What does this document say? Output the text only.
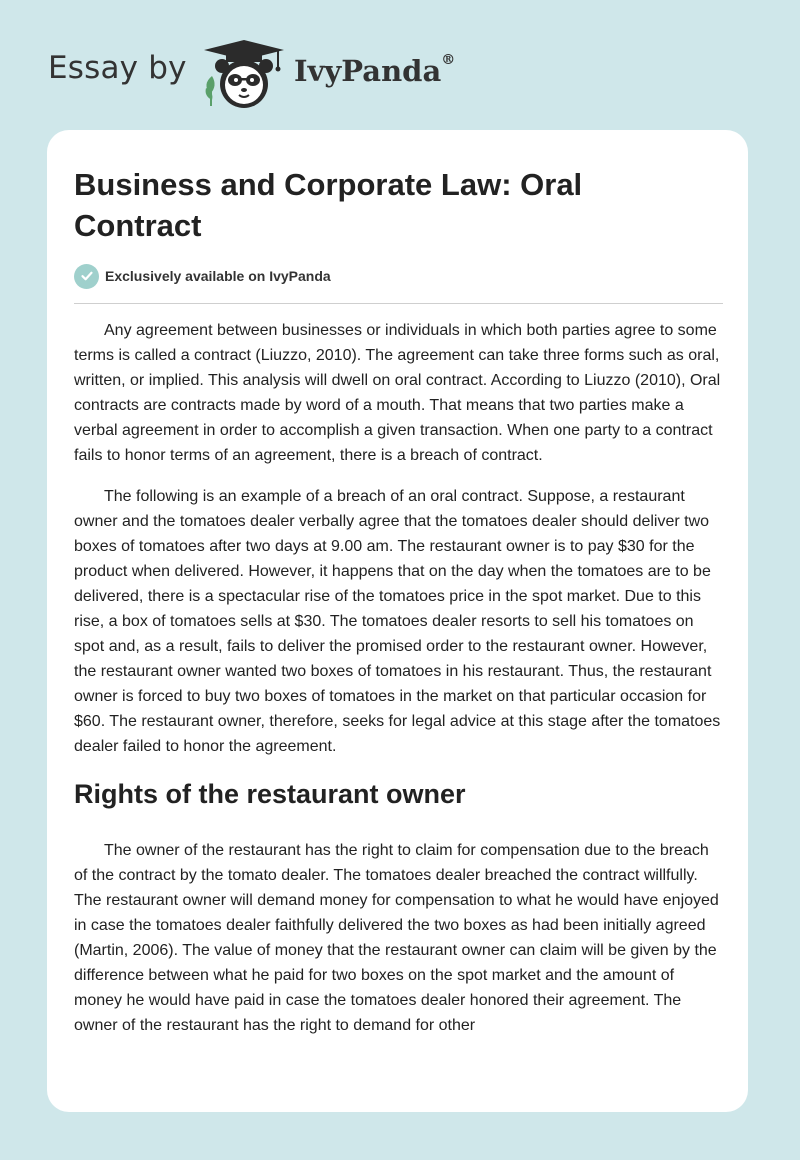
Essay by	IvyPanda®
Business and Corporate Law: Oral Contract
Exclusively available on IvyPanda

Any agreement between businesses or individuals in which both parties agree to some terms is called a contract (Liuzzo, 2010). The agreement can take three forms such as oral, written, or implied. This analysis will dwell on oral contract. According to Liuzzo (2010), Oral contracts are contracts made by word of a mouth. That means that two parties make a verbal agreement in order to accomplish a given transaction. When one party to a contract fails to honor terms of an agreement, there is a breach of contract.

The following is an example of a breach of an oral contract. Suppose, a restaurant owner and the tomatoes dealer verbally agree that the tomatoes dealer should deliver two boxes of tomatoes after two days at 9.00 am. The restaurant owner is to pay $30 for the product when delivered. However, it happens that on the day when the tomatoes are to be delivered, there is a spectacular rise of the tomatoes price in the spot market. Due to this rise, a box of tomatoes sells at $30. The tomatoes dealer resorts to sell his tomatoes on spot and, as a result, fails to deliver the promised order to the restaurant owner. However, the restaurant owner wanted two boxes of tomatoes in his restaurant. Thus, the restaurant owner is forced to buy two boxes of tomatoes in the market on that particular occasion for $60. The restaurant owner, therefore, seeks for legal advice at this stage after the tomatoes dealer failed to honor the agreement.

Rights of the restaurant owner

The owner of the restaurant has the right to claim for compensation due to the breach of the contract by the tomato dealer. The tomatoes dealer breached the contract willfully. The restaurant owner will demand money for compensation to what he would have enjoyed in case the tomatoes dealer faithfully delivered the two boxes as had been initially agreed (Martin, 2006). The value of money that the restaurant owner can claim will be given by the difference between what he paid for two boxes on the spot market and the amount of money he would have paid in case the tomatoes dealer honored their agreement. The owner of the restaurant has the right to demand for other
